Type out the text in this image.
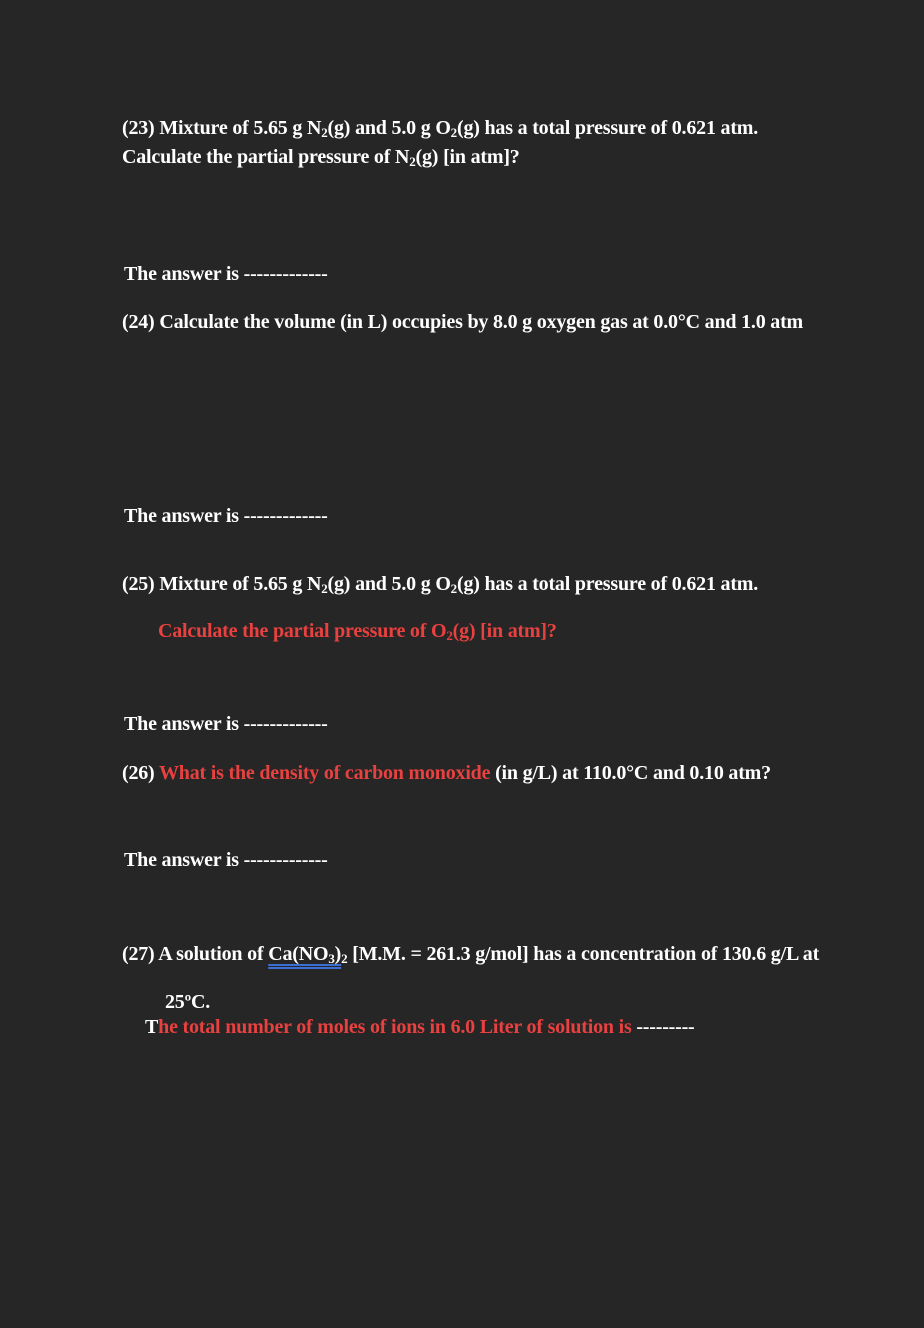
(23) Mixture of 5.65 g $N_2(g)$ and 5.0 g $O_2(g)$ has a total pressure of 0.621 atm.
Calculate the partial pressure of $N_2(g)$ [in atm]?
The answer is -------------
(24) Calculate the volume (in L) occupies by 8.0 g oxygen gas at 0.0°C and 1.0 atm
The answer is -------------
(25) Mixture of 5.65 g $N_2(g)$ and 5.0 g $O_2(g)$ has a total pressure of 0.621 atm.
Calculate the partial pressure of $O_2(g)$ [in atm]?
The answer is -------------
(26) What is the density of carbon monoxide (in g/L) at 110.0°C and 0.10 atm?
The answer is -------------
(27) A solution of $Ca(NO_3)_2$ [M.M. = 261.3 g/mol] has a concentration of 130.6 g/L at
25ºC.
The total number of moles of ions in 6.0 Liter of solution is ---------
